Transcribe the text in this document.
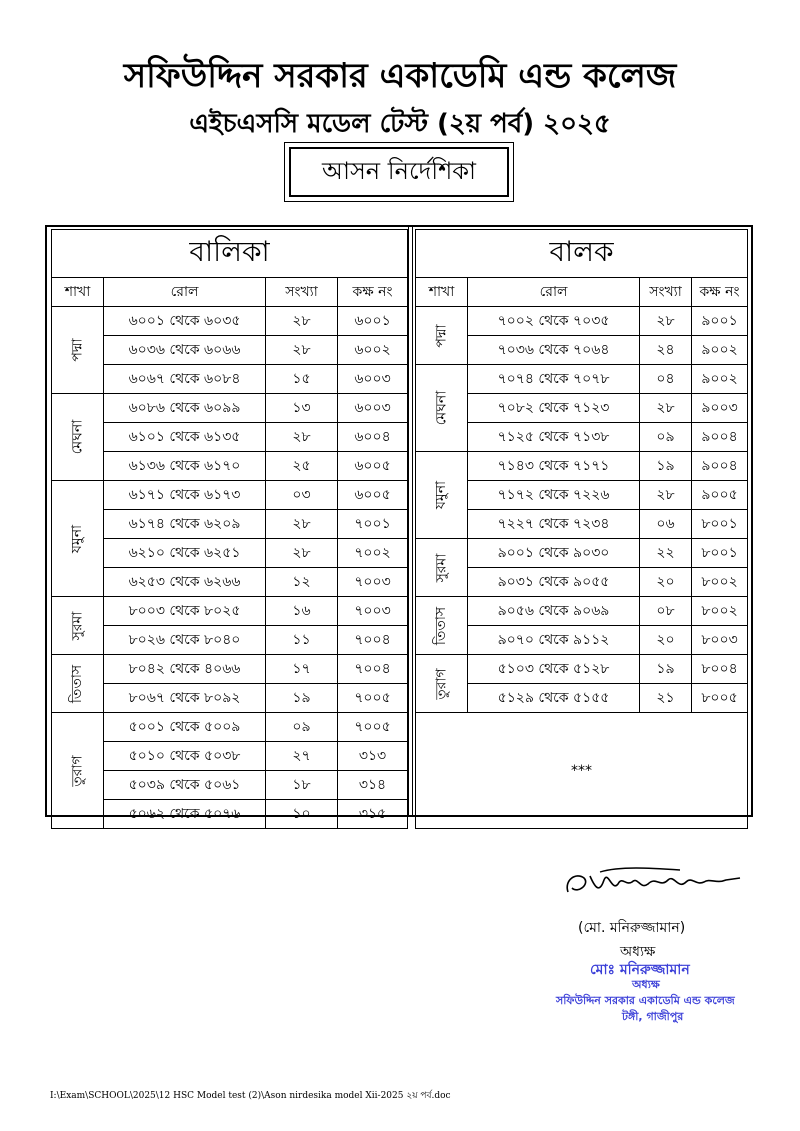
সফিউদ্দিন সরকার একাডেমি এন্ড কলেজ
এইচএসসি মডেল টেস্ট (২য় পর্ব) ২০২৫
আসন নির্দেশিকা
বালিকা			
শাখা	রোল	সংখ্যা	কক্ষ নং
পদ্মা	৬০০১ থেকে ৬০৩৫	২৮	৬০০১
	৬০৩৬ থেকে ৬০৬৬	২৮	৬০০২
	৬০৬৭ থেকে ৬০৮৪	১৫	৬০০৩
মেঘনা	৬০৮৬ থেকে ৬০৯৯	১৩	৬০০৩
	৬১০১ থেকে ৬১৩৫	২৮	৬০০৪
	৬১৩৬ থেকে ৬১৭০	২৫	৬০০৫
যমুনা	৬১৭১ থেকে ৬১৭৩	০৩	৬০০৫
	৬১৭৪ থেকে ৬২০৯	২৮	৭০০১
	৬২১০ থেকে ৬২৫১	২৮	৭০০২
	৬২৫৩ থেকে ৬২৬৬	১২	৭০০৩
সুরমা	৮০০৩ থেকে ৮০২৫	১৬	৭০০৩
	৮০২৬ থেকে ৮০৪০	১১	৭০০৪
তিতাস	৮০৪২ থেকে ৪০৬৬	১৭	৭০০৪
	৮০৬৭ থেকে ৮০৯২	১৯	৭০০৫
তুরাগ	৫০০১ থেকে ৫০০৯	০৯	৭০০৫
	৫০১০ থেকে ৫০৩৮	২৭	৩১৩
	৫০৩৯ থেকে ৫০৬১	১৮	৩১৪
	৫০৬২ থেকে ৫০৭৬	১০	৩১৫
বালক			
শাখা	রোল	সংখ্যা	কক্ষ নং
পদ্মা	৭০০২ থেকে ৭০৩৫	২৮	৯০০১
	৭০৩৬ থেকে ৭০৬৪	২৪	৯০০২
মেঘনা	৭০৭৪ থেকে ৭০৭৮	০৪	৯০০২
	৭০৮২ থেকে ৭১২৩	২৮	৯০০৩
	৭১২৫ থেকে ৭১৩৮	০৯	৯০০৪
যমুনা	৭১৪৩ থেকে ৭১৭১	১৯	৯০০৪
	৭১৭২ থেকে ৭২২৬	২৮	৯০০৫
	৭২২৭ থেকে ৭২৩৪	০৬	৮০০১
সুরমা	৯০০১ থেকে ৯০৩০	২২	৮০০১
	৯০৩১ থেকে ৯০৫৫	২০	৮০০২
তিতাস	৯০৫৬ থেকে ৯০৬৯	০৮	৮০০২
	৯০৭০ থেকে ৯১১২	২০	৮০০৩
তুরাগ	৫১০৩ থেকে ৫১২৮	১৯	৮০০৪
	৫১২৯ থেকে ৫১৫৫	২১	৮০০৫
***			
(মো. মনিরুজ্জামান)
অধ্যক্ষ
মোঃ মনিরুজ্জামান
অধ্যক্ষ
সফিউদ্দিন সরকার একাডেমি এন্ড কলেজ
টঙ্গী, গাজীপুর
I:\Exam\SCHOOL\2025\12 HSC Model test (2)\Ason nirdesika model Xii-2025 ২য় পর্ব.doc
